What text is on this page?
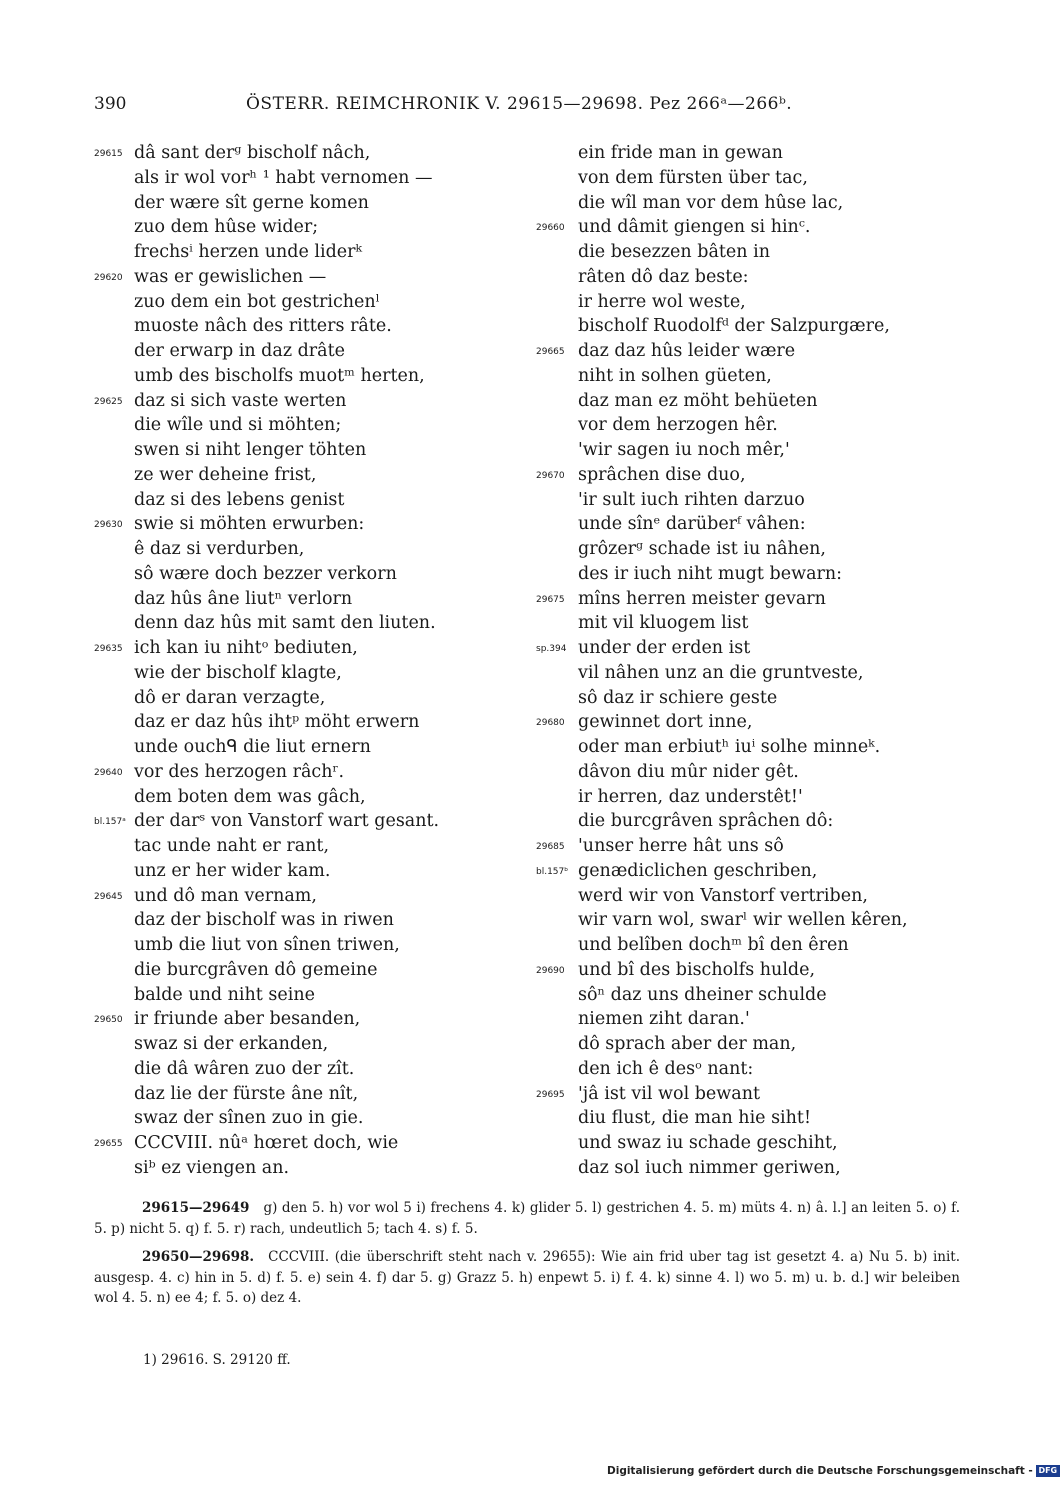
390	ÖSTERR. REIMCHRONIK V. 29615—29698. Pez 266ᵃ—266ᵇ.
29615 dâ sant derᵍ bischolf nâch,
als ir wol vorʰ ¹ habt vernomen —
der wære sît gerne komen
zuo dem hûse wider;
frechsⁱ herzen unde liderᵏ
29620 was er gewislichen —
zuo dem ein bot gestrichenˡ
muoste nâch des ritters râte.
der erwarp in daz drâte
umb des bischolfs muotᵐ herten,
29625 daz si sich vaste werten
die wîle und si möhten;
swen si niht lenger töhten
ze wer deheine frist,
daz si des lebens genist
29630 swie si möhten erwurben:
ê daz si verdurben,
sô wære doch bezzer verkorn
daz hûs âne liutⁿ verlorn
denn daz hûs mit samt den liuten.
29635 ich kan iu nihtᵒ bediuten,
wie der bischolf klagte,
dô er daran verzagte,
daz er daz hûs ihtᵖ möht erwern
unde ouchᑫ die liut ernern
29640 vor des herzogen râchʳ.
dem boten dem was gâch,
bl.157ᵃ der darˢ von Vanstorf wart gesant.
tac unde naht er rant,
unz er her wider kam.
29645 und dô man vernam,
daz der bischolf was in riwen
umb die liut von sînen triwen,
die burcgrâven dô gemeine
balde und niht seine
29650 ir friunde aber besanden,
swaz si der erkanden,
die dâ wâren zuo der zît.
daz lie der fürste âne nît,
swaz der sînen zuo in gie.
29655 CCCVIII. nûᵃ hœret doch, wie
siᵇ ez viengen an.
ein fride man in gewan
von dem fürsten über tac,
die wîl man vor dem hûse lac,
29660 und dâmit giengen si hinᶜ.
die besezzen bâten in
râten dô daz beste:
ir herre wol weste,
bischolf Ruodolfᵈ der Salzpurgære,
29665 daz daz hûs leider wære
niht in solhen güeten,
daz man ez möht behüeten
vor dem herzogen hêr.
'wir sagen iu noch mêr,'
29670 sprâchen dise duo,
'ir sult iuch rihten darzuo
unde sînᵉ darüberᶠ vâhen:
grôzerᵍ schade ist iu nâhen,
des ir iuch niht mugt bewarn:
29675 mîns herren meister gevarn
mit vil kluogem list
sp.394 under der erden ist
vil nâhen unz an die gruntveste,
sô daz ir schiere geste
29680 gewinnet dort inne,
oder man erbiutʰ iuⁱ solhe minneᵏ.
dâvon diu mûr nider gêt.
ir herren, daz understêt!'
die burcgrâven sprâchen dô:
29685 'unser herre hât uns sô
bl.157ᵇ genædiclichen geschriben,
werd wir von Vanstorf vertriben,
wir varn wol, swarˡ wir wellen kêren,
und belîben dochᵐ bî den êren
29690 und bî des bischolfs hulde,
sôⁿ daz uns dheiner schulde
niemen ziht daran.'
dô sprach aber der man,
den ich ê desᵒ nant:
29695 'jâ ist vil wol bewant
diu flust, die man hie siht!
und swaz iu schade geschiht,
daz sol iuch nimmer geriwen,
29615—29649 g) den 5. h) vor wol 5 i) frechens 4. k) glider 5. l) gestrichen 4. 5. m) müts 4. n) â. l.] an leiten 5. o) f. 5. p) nicht 5. q) f. 5. r) rach, undeutlich 5; tach 4. s) f. 5.
29650—29698. CCCVIII. (die überschrift steht nach v. 29655): Wie ain frid uber tag ist gesetzt 4. a) Nu 5. b) init. ausgesp. 4. c) hin in 5. d) f. 5. e) sein 4. f) dar 5. g) Grazz 5. h) enpewt 5. i) f. 4. k) sinne 4. l) wo 5. m) u. b. d.] wir beleiben wol 4. 5. n) ee 4; f. 5. o) dez 4.
1) 29616. S. 29120 ff.
Digitalisierung gefördert durch die Deutsche Forschungsgemeinschaft - DFG
